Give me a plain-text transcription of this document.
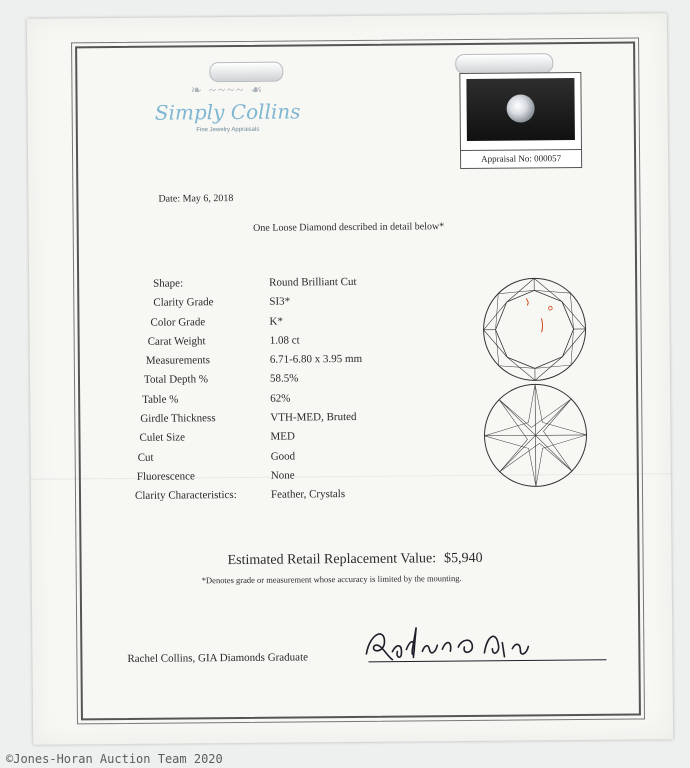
❧ ~~~~ ☙
Simply Collins
Fine Jewelry Appraisals
Appraisal No: 000057
Date: May 6, 2018
One Loose Diamond described in detail below*
Shape:	Round Brilliant Cut
Clarity Grade	SI3*
Color Grade	K*
Carat Weight	1.08 ct
Measurements	6.71-6.80 x 3.95 mm
Total Depth %	58.5%
Table %	62%
Girdle Thickness	VTH-MED, Bruted
Culet Size	MED
Cut	Good
Fluorescence	None
Clarity Characteristics:	Feather, Crystals
Estimated Retail Replacement Value: $5,940
*Denotes grade or measurement whose accuracy is limited by the mounting.
Rachel Collins, GIA Diamonds Graduate
©Jones-Horan Auction Team 2020
